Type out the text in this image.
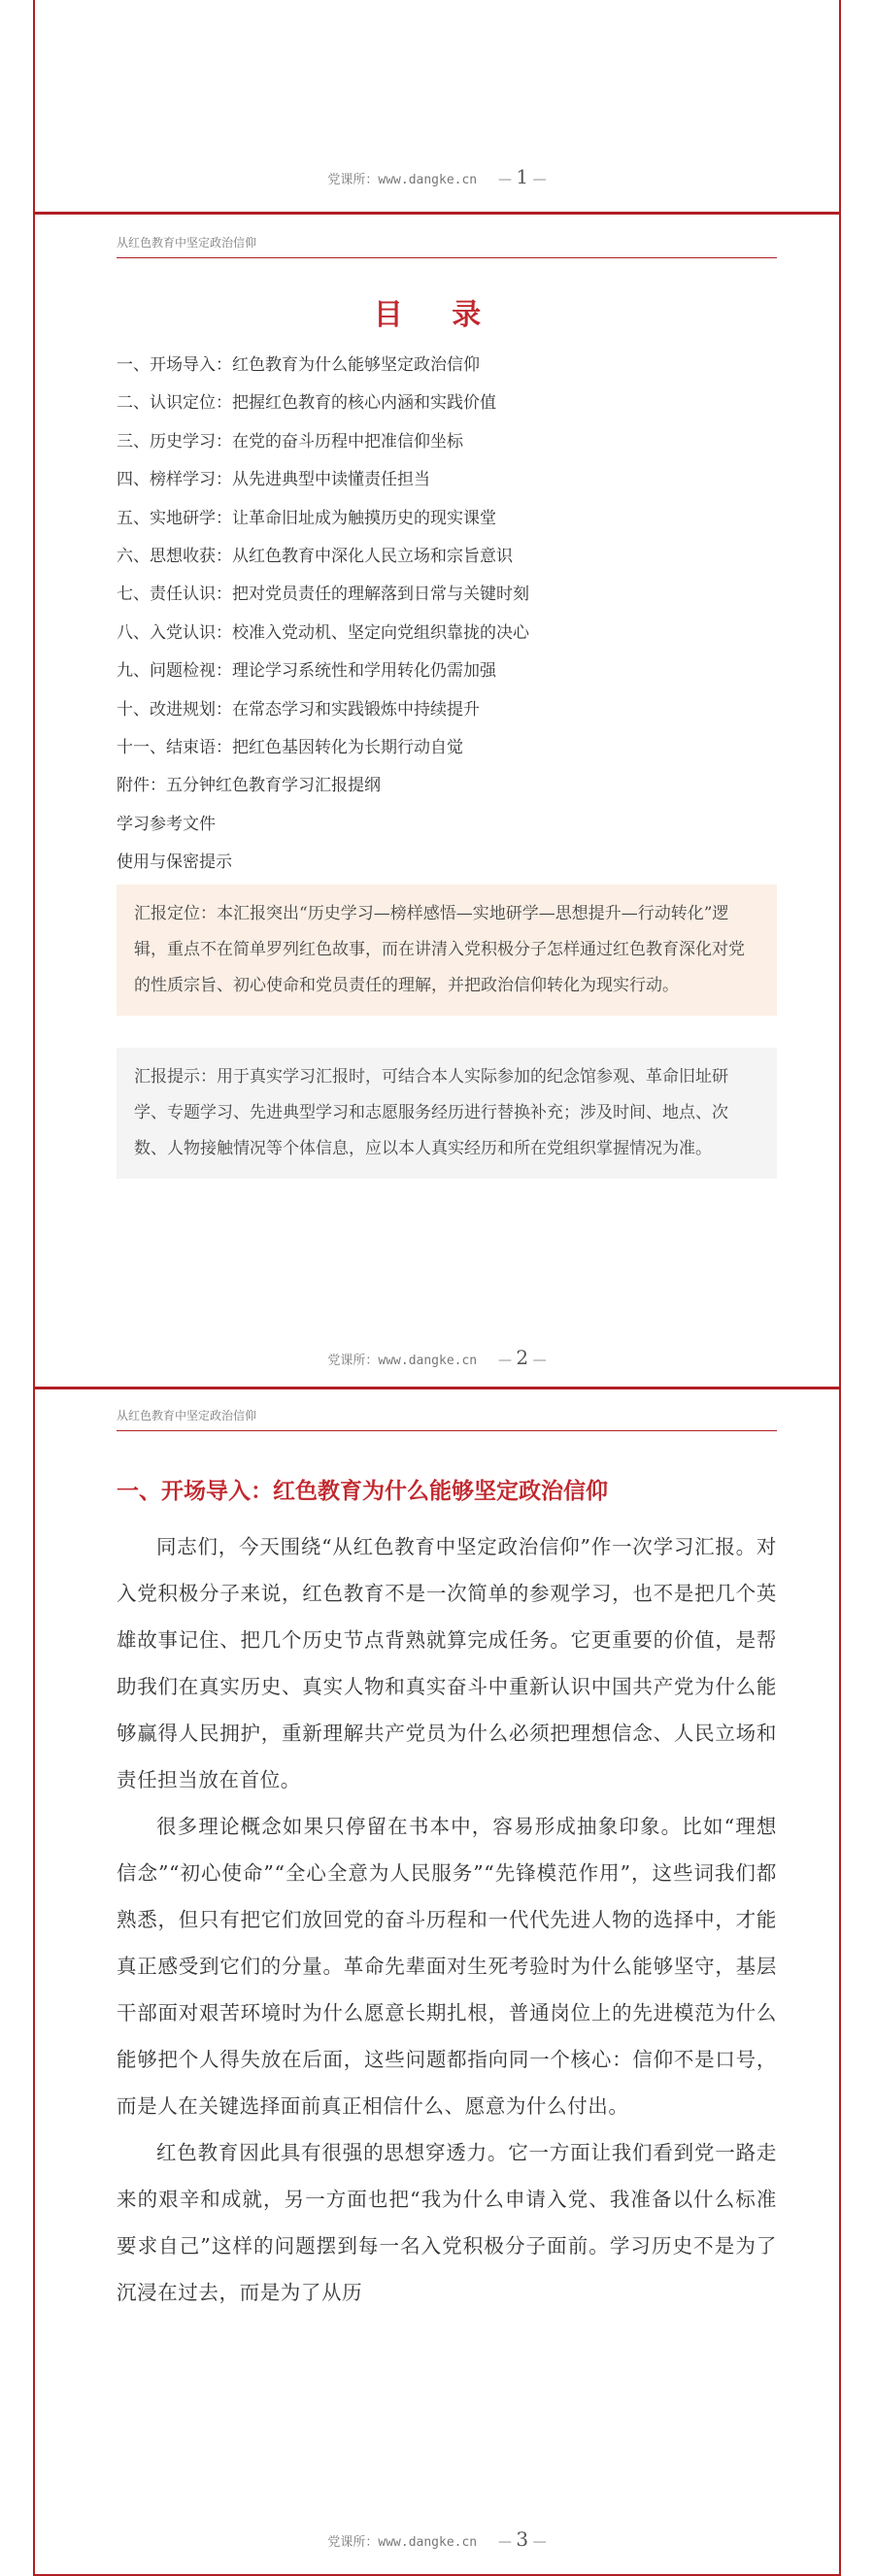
党课所：www.dangke.cn — 1 —
从红色教育中坚定政治信仰
目 录
一、开场导入：红色教育为什么能够坚定政治信仰
二、认识定位：把握红色教育的核心内涵和实践价值
三、历史学习：在党的奋斗历程中把准信仰坐标
四、榜样学习：从先进典型中读懂责任担当
五、实地研学：让革命旧址成为触摸历史的现实课堂
六、思想收获：从红色教育中深化人民立场和宗旨意识
七、责任认识：把对党员责任的理解落到日常与关键时刻
八、入党认识：校准入党动机、坚定向党组织靠拢的决心
九、问题检视：理论学习系统性和学用转化仍需加强
十、改进规划：在常态学习和实践锻炼中持续提升
十一、结束语：把红色基因转化为长期行动自觉
附件：五分钟红色教育学习汇报提纲
学习参考文件
使用与保密提示
汇报定位：本汇报突出“历史学习—榜样感悟—实地研学—思想提升—行动转化”逻辑，重点不在简单罗列红色故事，而在讲清入党积极分子怎样通过红色教育深化对党的性质宗旨、初心使命和党员责任的理解，并把政治信仰转化为现实行动。
汇报提示：用于真实学习汇报时，可结合本人实际参加的纪念馆参观、革命旧址研学、专题学习、先进典型学习和志愿服务经历进行替换补充；涉及时间、地点、次数、人物接触情况等个体信息，应以本人真实经历和所在党组织掌握情况为准。
党课所：www.dangke.cn — 2 —
从红色教育中坚定政治信仰
一、开场导入：红色教育为什么能够坚定政治信仰

同志们，今天围绕“从红色教育中坚定政治信仰”作一次学习汇报。对入党积极分子来说，红色教育不是一次简单的参观学习，也不是把几个英雄故事记住、把几个历史节点背熟就算完成任务。它更重要的价值，是帮助我们在真实历史、真实人物和真实奋斗中重新认识中国共产党为什么能够赢得人民拥护，重新理解共产党员为什么必须把理想信念、人民立场和责任担当放在首位。

很多理论概念如果只停留在书本中，容易形成抽象印象。比如“理想信念”“初心使命”“全心全意为人民服务”“先锋模范作用”，这些词我们都熟悉，但只有把它们放回党的奋斗历程和一代代先进人物的选择中，才能真正感受到它们的分量。革命先辈面对生死考验时为什么能够坚守，基层干部面对艰苦环境时为什么愿意长期扎根，普通岗位上的先进模范为什么能够把个人得失放在后面，这些问题都指向同一个核心：信仰不是口号，而是人在关键选择面前真正相信什么、愿意为什么付出。

红色教育因此具有很强的思想穿透力。它一方面让我们看到党一路走来的艰辛和成就，另一方面也把“我为什么申请入党、我准备以什么标准要求自己”这样的问题摆到每一名入党积极分子面前。学习历史不是为了沉浸在过去，而是为了从历

党课所：www.dangke.cn — 3 —
